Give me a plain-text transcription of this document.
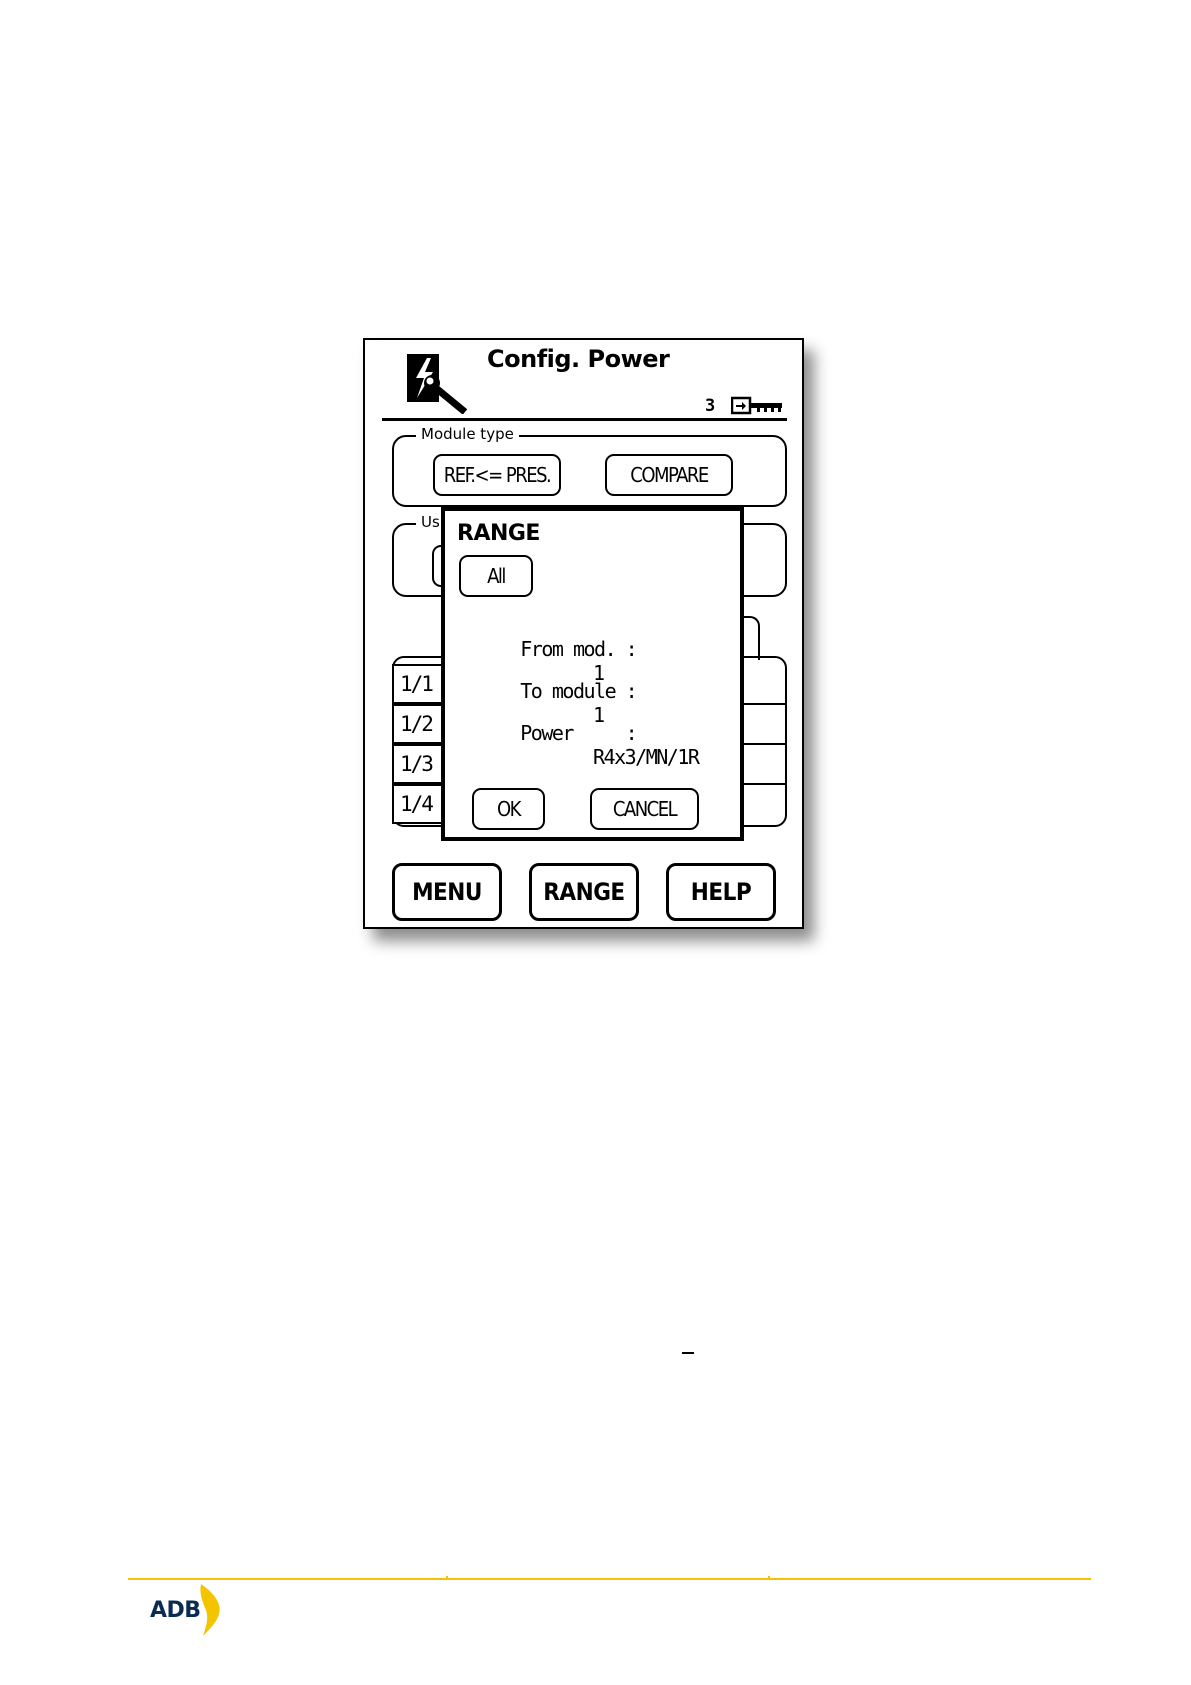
Config. Power
3
Module type
REF.<= PRES.	COMPARE
Us
1/1
1/2
1/3
1/4
RANGE
All

From mod. :

1

To module :

1

Power     :

R4x3/MN/1R

OK	CANCEL
MENU	RANGE	HELP
ADB
